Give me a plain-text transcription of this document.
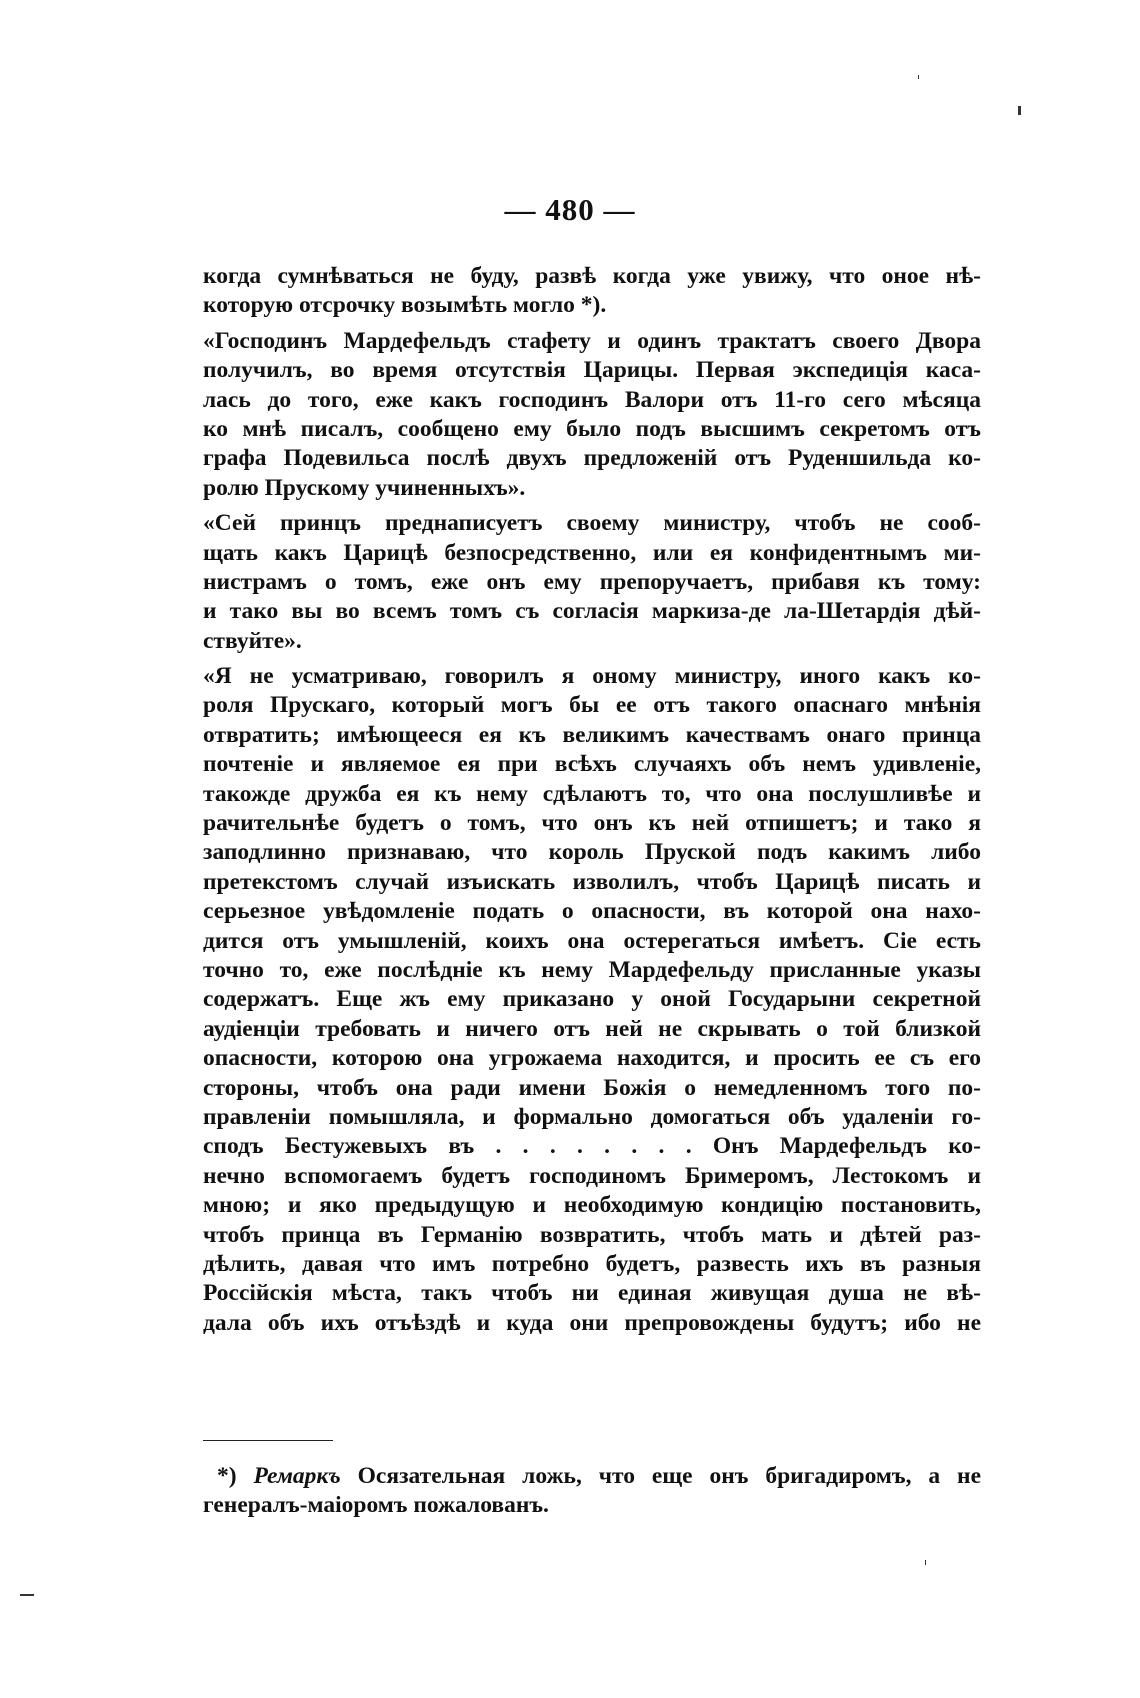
— 480 —
когда сумнѣваться не буду, развѣ когда уже увижу, что оное нѣ-
которую отсрочку возымѣть могло *).
«Господинъ Мардефельдъ стафету и одинъ трактатъ своего Двора
получилъ, во время отсутствія Царицы. Первая экспедиція каса-
лась до того, еже какъ господинъ Валори отъ 11-го сего мѣсяца
ко мнѣ писалъ, сообщено ему было подъ высшимъ секретомъ отъ
графа Подевильса послѣ двухъ предложеній отъ Руденшильда ко-
ролю Прускому учиненныхъ».
«Сей принцъ преднаписуетъ своему министру, чтобъ не сооб-
щать какъ Царицѣ безпосредственно, или ея конфидентнымъ ми-
нистрамъ о томъ, еже онъ ему препоручаетъ, прибавя къ тому:
и тако вы во всемъ томъ съ согласія маркиза-де ла-Шетардія дѣй-
ствуйте».
«Я не усматриваю, говорилъ я оному министру, иного какъ ко-
роля Прускаго, который могъ бы ее отъ такого опаснаго мнѣнія
отвратить; имѣющееся ея къ великимъ качествамъ онаго принца
почтеніе и являемое ея при всѣхъ случаяхъ объ немъ удивленіе,
такожде дружба ея къ нему сдѣлаютъ то, что она послушливѣе и
рачительнѣе будетъ о томъ, что онъ къ ней отпишетъ; и тако я
заподлинно признаваю, что король Пруской подъ какимъ либо
претекстомъ случай изъискать изволилъ, чтобъ Царицѣ писать и
серьезное увѣдомленіе подать о опасности, въ которой она нахо-
дится отъ умышленій, коихъ она остерегаться имѣетъ. Сіе есть
точно то, еже послѣдніе къ нему Мардефельду присланные указы
содержатъ. Еще жъ ему приказано у оной Государыни секретной
аудіенціи требовать и ничего отъ ней не скрывать о той близкой
опасности, которою она угрожаема находится, и просить ее съ его
стороны, чтобъ она ради имени Божія о немедленномъ того по-
правленіи помышляла, и формально домогаться объ удаленіи го-
сподъ Бестужевыхъ въ . . . . . . . . Онъ Мардефельдъ ко-
нечно вспомогаемъ будетъ господиномъ Бримеромъ, Лестокомъ и
мною; и яко предыдущую и необходимую кондицію постановить,
чтобъ принца въ Германію возвратить, чтобъ мать и дѣтей раз-
дѣлить, давая что имъ потребно будетъ, развесть ихъ въ разныя
Россійскія мѣста, такъ чтобъ ни единая живущая душа не вѣ-
дала объ ихъ отъѣздѣ и куда они препровождены будутъ; ибо не
*) Ремаркъ Осязательная ложь, что еще онъ бригадиромъ, а не
генералъ-маіоромъ пожалованъ.
